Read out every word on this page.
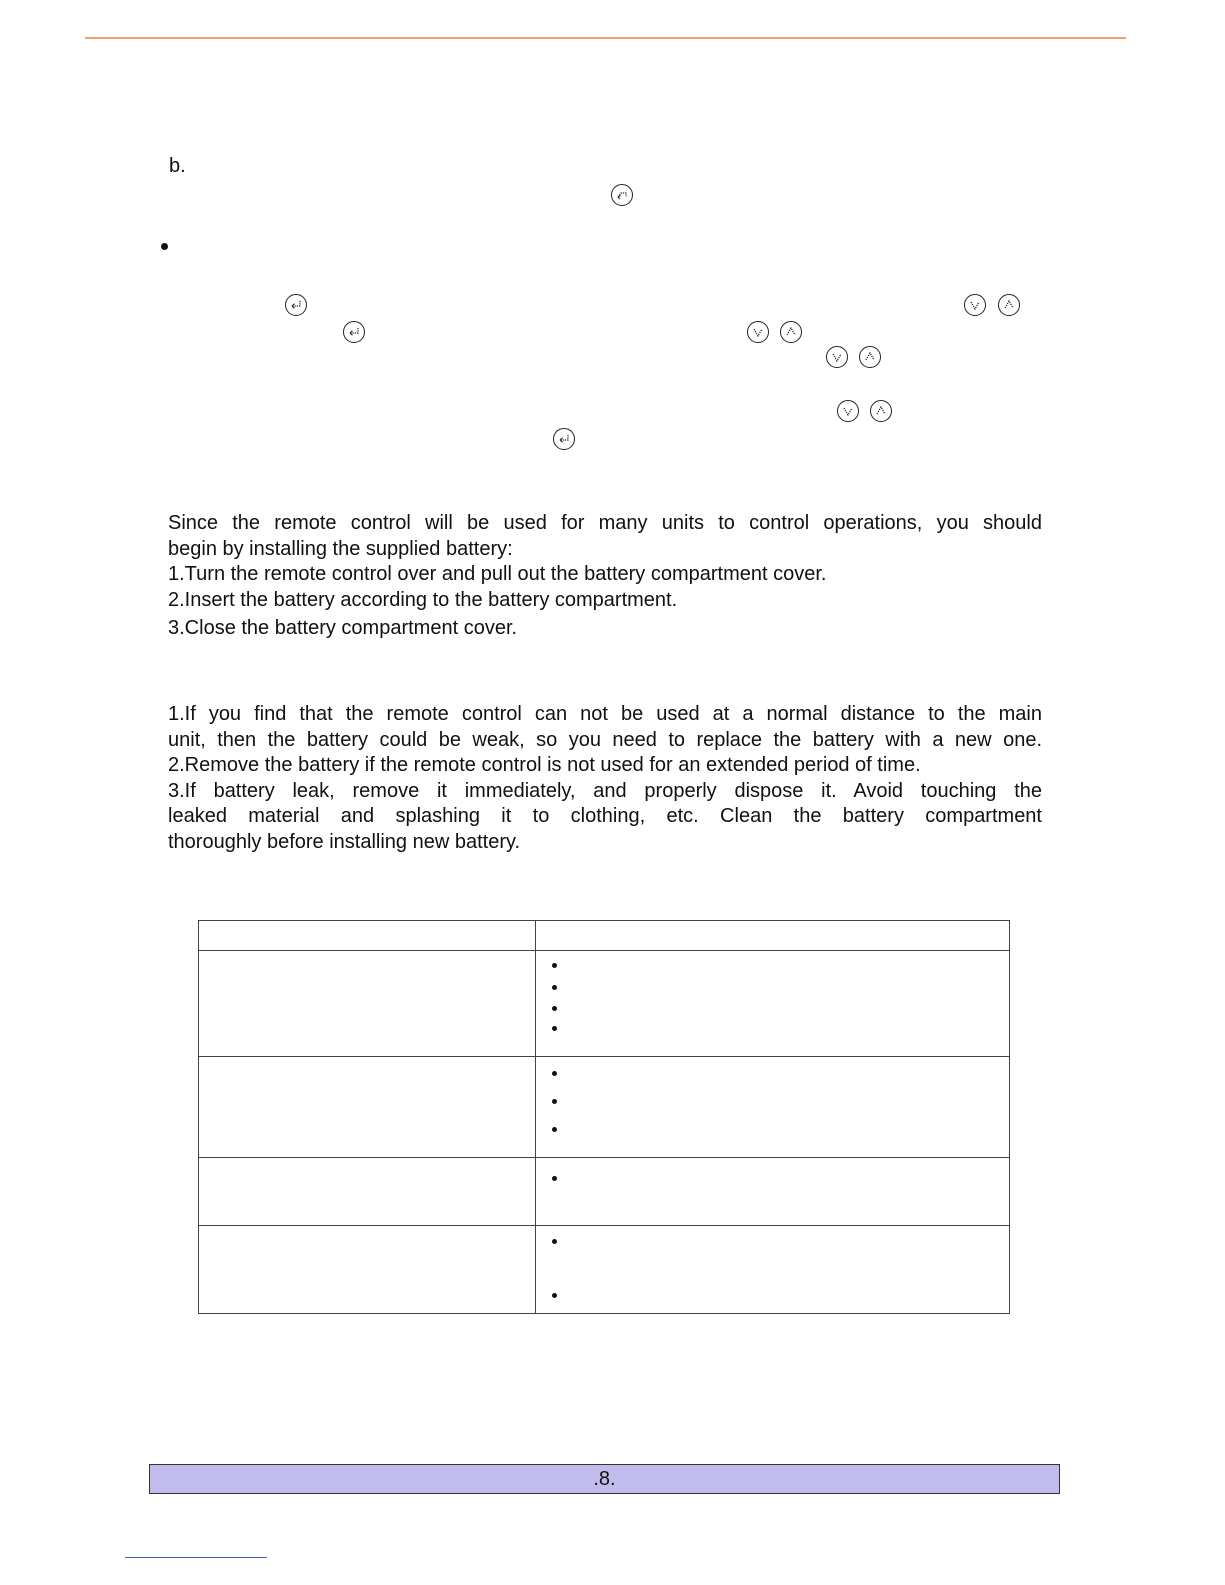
b.
Since the remote control will be used for many units to control operations, you should
begin by installing the supplied battery:
1.Turn the remote control over and pull out the battery compartment cover.
2.Insert the battery according to the battery compartment.
3.Close the battery compartment cover.
1.If you find that the remote control can not be used at a normal distance to the main
unit, then the battery could be weak, so you need to replace the battery with a new one.
2.Remove the battery if the remote control is not used for an extended period of time.
3.If battery leak, remove it immediately, and properly dispose it. Avoid touching the
leaked material and splashing it to clothing, etc. Clean the battery compartment
thoroughly before installing new battery.
.8.
